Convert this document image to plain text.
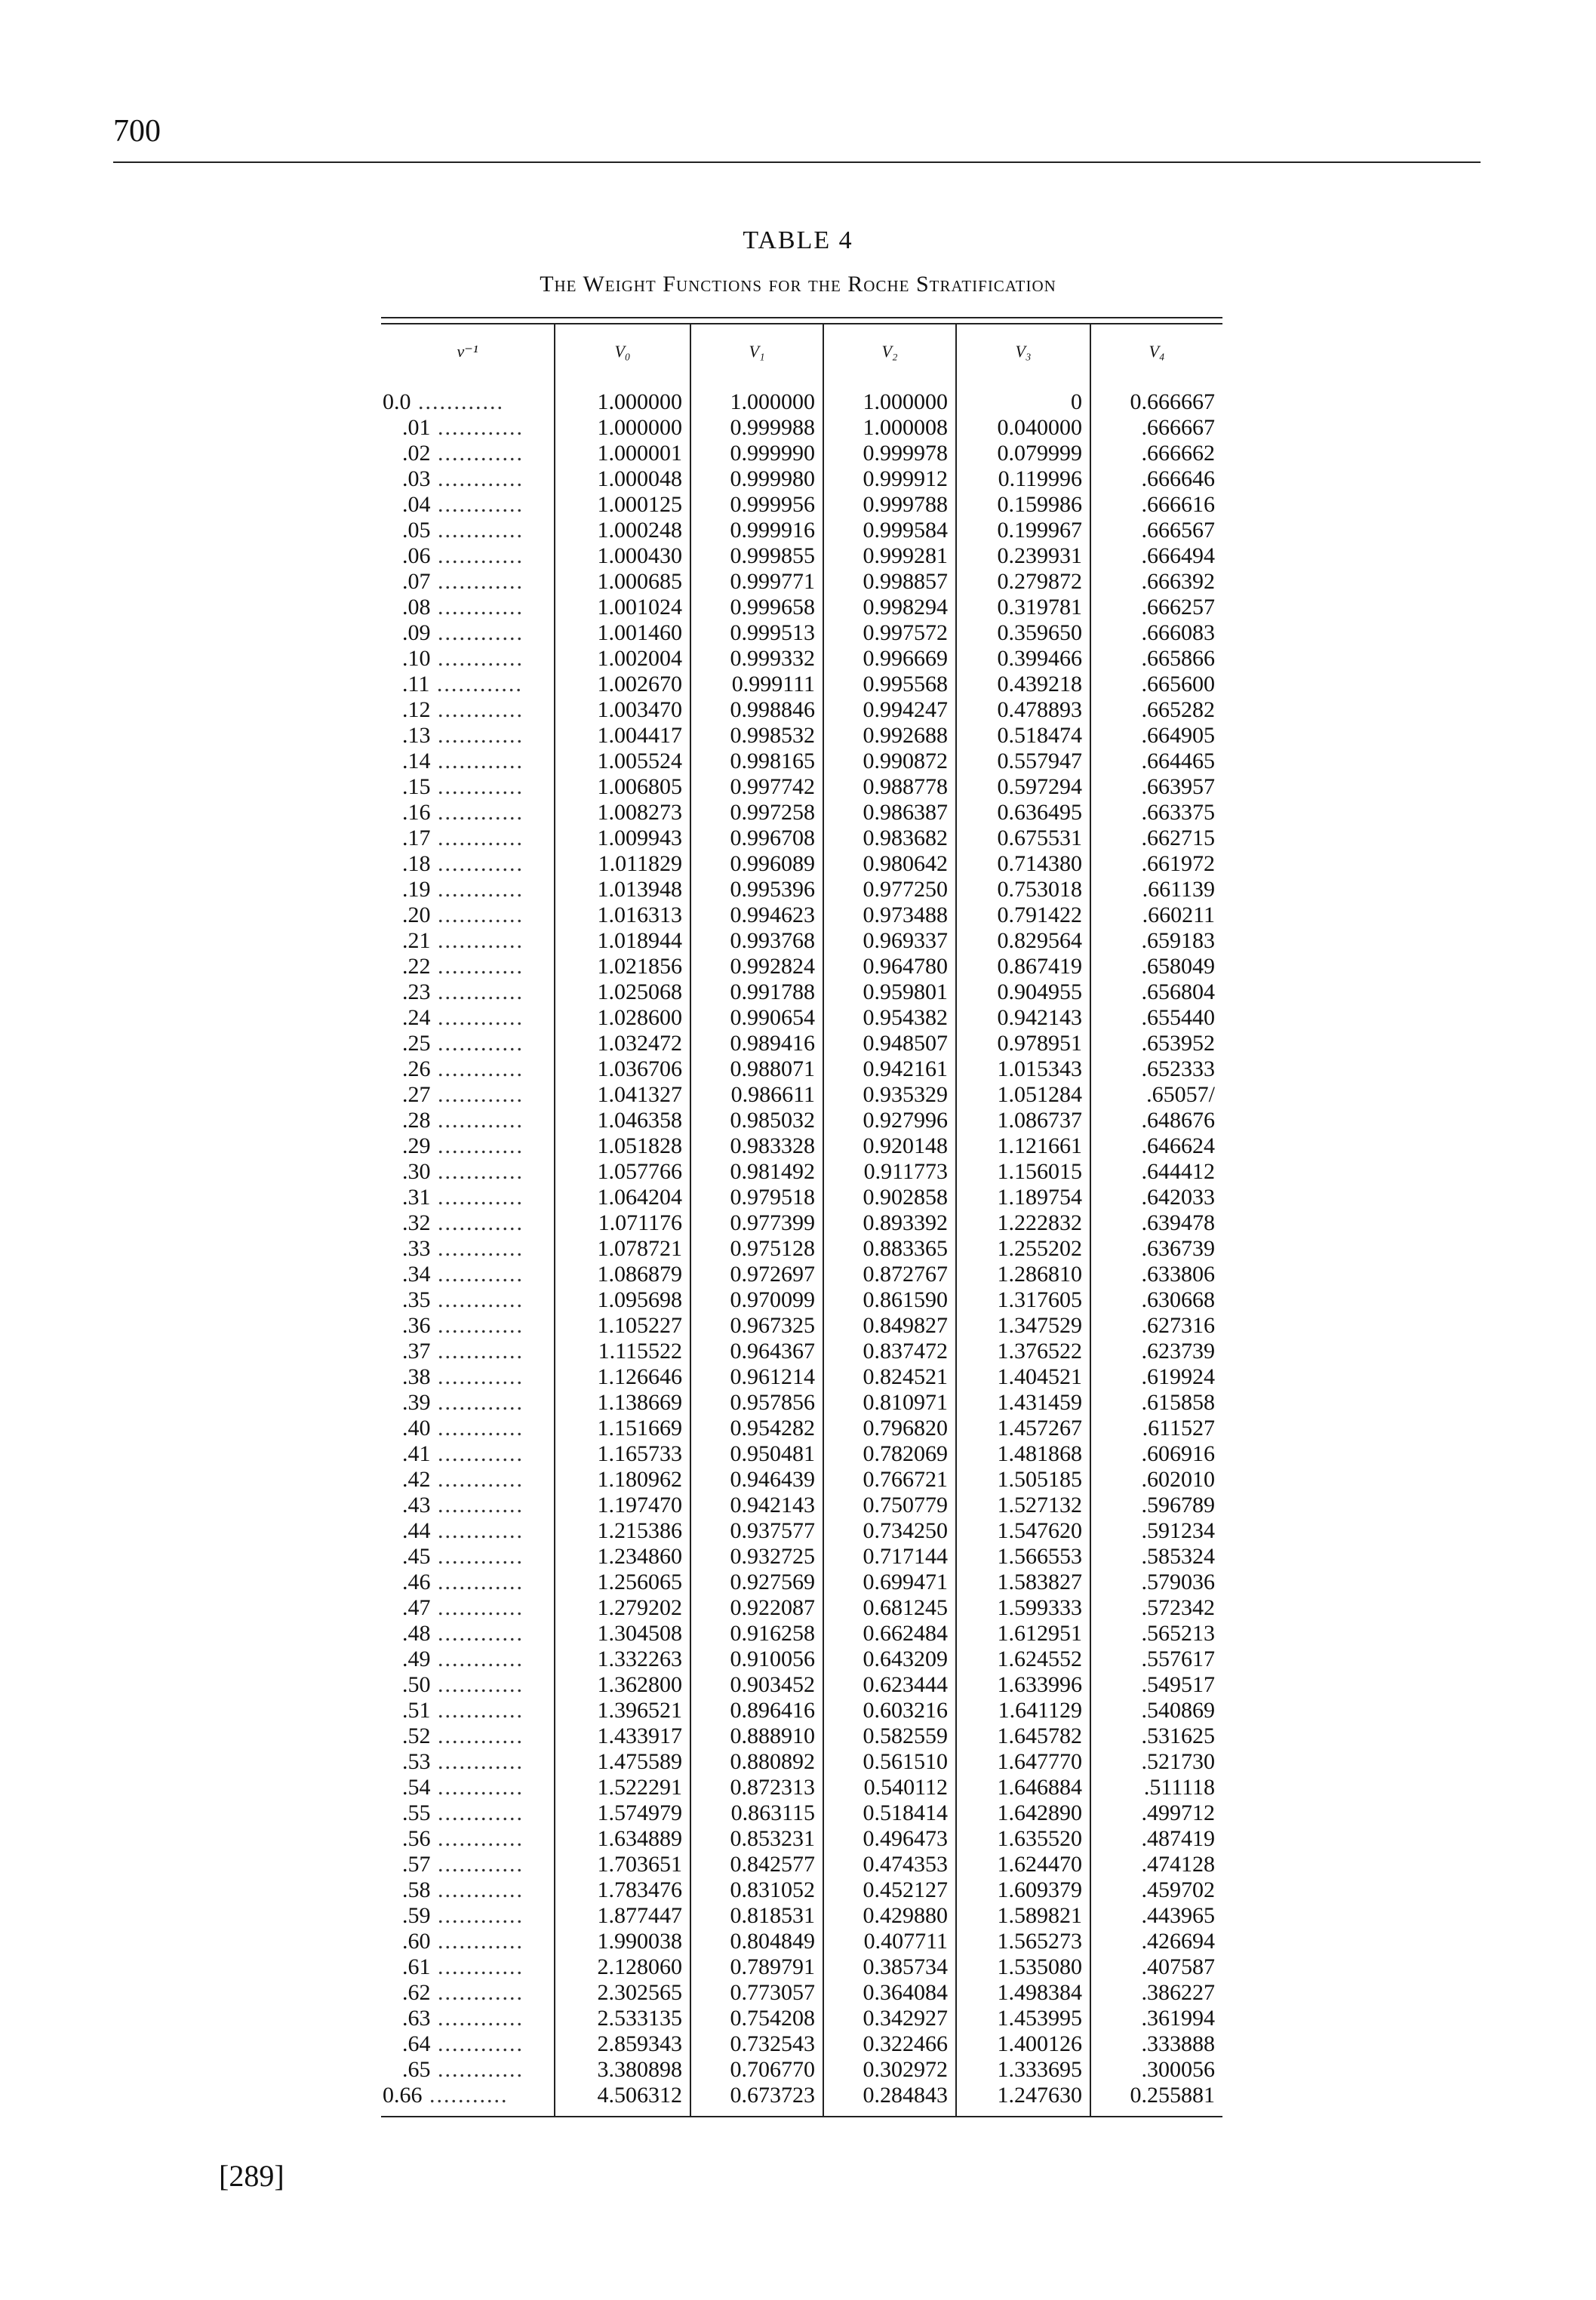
700
TABLE 4
The Weight Functions for the Roche Stratification
ν⁻¹	V₀	V₁	V₂	V₃	V₄
0.0 ............	1.000000	1.000000	1.000000	0	0.666667
.01 ............	1.000000	0.999988	1.000008	0.040000	.666667
.02 ............	1.000001	0.999990	0.999978	0.079999	.666662
.03 ............	1.000048	0.999980	0.999912	0.119996	.666646
.04 ............	1.000125	0.999956	0.999788	0.159986	.666616
.05 ............	1.000248	0.999916	0.999584	0.199967	.666567
.06 ............	1.000430	0.999855	0.999281	0.239931	.666494
.07 ............	1.000685	0.999771	0.998857	0.279872	.666392
.08 ............	1.001024	0.999658	0.998294	0.319781	.666257
.09 ............	1.001460	0.999513	0.997572	0.359650	.666083
.10 ............	1.002004	0.999332	0.996669	0.399466	.665866
.11 ............	1.002670	0.999111	0.995568	0.439218	.665600
.12 ............	1.003470	0.998846	0.994247	0.478893	.665282
.13 ............	1.004417	0.998532	0.992688	0.518474	.664905
.14 ............	1.005524	0.998165	0.990872	0.557947	.664465
.15 ............	1.006805	0.997742	0.988778	0.597294	.663957
.16 ............	1.008273	0.997258	0.986387	0.636495	.663375
.17 ............	1.009943	0.996708	0.983682	0.675531	.662715
.18 ............	1.011829	0.996089	0.980642	0.714380	.661972
.19 ............	1.013948	0.995396	0.977250	0.753018	.661139
.20 ............	1.016313	0.994623	0.973488	0.791422	.660211
.21 ............	1.018944	0.993768	0.969337	0.829564	.659183
.22 ............	1.021856	0.992824	0.964780	0.867419	.658049
.23 ............	1.025068	0.991788	0.959801	0.904955	.656804
.24 ............	1.028600	0.990654	0.954382	0.942143	.655440
.25 ............	1.032472	0.989416	0.948507	0.978951	.653952
.26 ............	1.036706	0.988071	0.942161	1.015343	.652333
.27 ............	1.041327	0.986611	0.935329	1.051284	.65057/
.28 ............	1.046358	0.985032	0.927996	1.086737	.648676
.29 ............	1.051828	0.983328	0.920148	1.121661	.646624
.30 ............	1.057766	0.981492	0.911773	1.156015	.644412
.31 ............	1.064204	0.979518	0.902858	1.189754	.642033
.32 ............	1.071176	0.977399	0.893392	1.222832	.639478
.33 ............	1.078721	0.975128	0.883365	1.255202	.636739
.34 ............	1.086879	0.972697	0.872767	1.286810	.633806
.35 ............	1.095698	0.970099	0.861590	1.317605	.630668
.36 ............	1.105227	0.967325	0.849827	1.347529	.627316
.37 ............	1.115522	0.964367	0.837472	1.376522	.623739
.38 ............	1.126646	0.961214	0.824521	1.404521	.619924
.39 ............	1.138669	0.957856	0.810971	1.431459	.615858
.40 ............	1.151669	0.954282	0.796820	1.457267	.611527
.41 ............	1.165733	0.950481	0.782069	1.481868	.606916
.42 ............	1.180962	0.946439	0.766721	1.505185	.602010
.43 ............	1.197470	0.942143	0.750779	1.527132	.596789
.44 ............	1.215386	0.937577	0.734250	1.547620	.591234
.45 ............	1.234860	0.932725	0.717144	1.566553	.585324
.46 ............	1.256065	0.927569	0.699471	1.583827	.579036
.47 ............	1.279202	0.922087	0.681245	1.599333	.572342
.48 ............	1.304508	0.916258	0.662484	1.612951	.565213
.49 ............	1.332263	0.910056	0.643209	1.624552	.557617
.50 ............	1.362800	0.903452	0.623444	1.633996	.549517
.51 ............	1.396521	0.896416	0.603216	1.641129	.540869
.52 ............	1.433917	0.888910	0.582559	1.645782	.531625
.53 ............	1.475589	0.880892	0.561510	1.647770	.521730
.54 ............	1.522291	0.872313	0.540112	1.646884	.511118
.55 ............	1.574979	0.863115	0.518414	1.642890	.499712
.56 ............	1.634889	0.853231	0.496473	1.635520	.487419
.57 ............	1.703651	0.842577	0.474353	1.624470	.474128
.58 ............	1.783476	0.831052	0.452127	1.609379	.459702
.59 ............	1.877447	0.818531	0.429880	1.589821	.443965
.60 ............	1.990038	0.804849	0.407711	1.565273	.426694
.61 ............	2.128060	0.789791	0.385734	1.535080	.407587
.62 ............	2.302565	0.773057	0.364084	1.498384	.386227
.63 ............	2.533135	0.754208	0.342927	1.453995	.361994
.64 ............	2.859343	0.732543	0.322466	1.400126	.333888
.65 ............	3.380898	0.706770	0.302972	1.333695	.300056
0.66 ...........	4.506312	0.673723	0.284843	1.247630	0.255881
[289]
